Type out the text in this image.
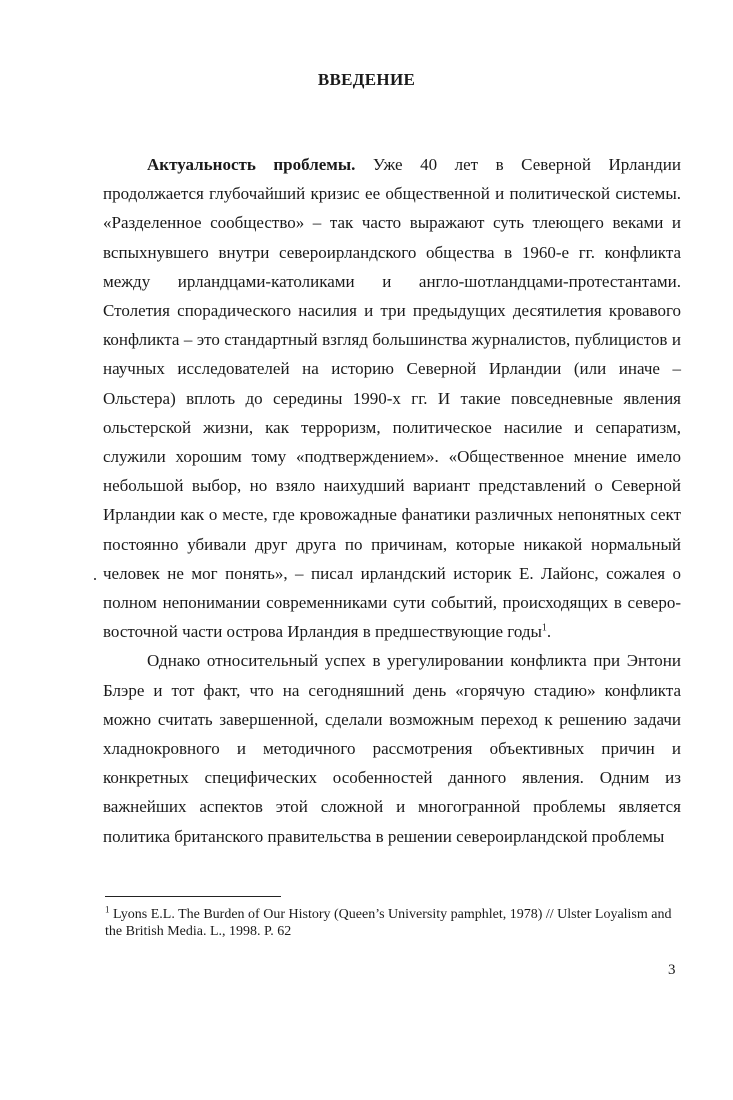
ВВЕДЕНИЕ

Актуальность проблемы. Уже 40 лет в Северной Ирландии продолжается глубочайший кризис ее общественной и политической системы. «Разделенное сообщество» – так часто выражают суть тлеющего веками и вспыхнувшего внутри североирландского общества в 1960-е гг. конфликта между ирландцами-католиками и англо-шотландцами-протестантами. Столетия спорадического насилия и три предыдущих десятилетия кровавого конфликта – это стандартный взгляд большинства журналистов, публицистов и научных исследователей на историю Северной Ирландии (или иначе – Ольстера) вплоть до середины 1990-х гг. И такие повседневные явления ольстерской жизни, как терроризм, политическое насилие и сепаратизм, служили хорошим тому «подтверждением». «Общественное мнение имело небольшой выбор, но взяло наихудший вариант представлений о Северной Ирландии как о месте, где кровожадные фанатики различных непонятных сект постоянно убивали друг друга по причинам, которые никакой нормальный человек не мог понять», – писал ирландский историк Е. Лайонс, сожалея о полном непонимании современниками сути событий, происходящих в северо-восточной части острова Ирландия в предшествующие годы$^1$.

Однако относительный успех в урегулировании конфликта при Энтони Блэре и тот факт, что на сегодняшний день «горячую стадию» конфликта можно считать завершенной, сделали возможным переход к решению задачи хладнокровного и методичного рассмотрения объективных причин и конкретных специфических особенностей данного явления. Одним из важнейших аспектов этой сложной и многогранной проблемы является политика британского правительства в решении североирландской проблемы

$^1$ Lyons E.L. The Burden of Our History (Queen’s University pamphlet, 1978) // Ulster Loyalism and the British Media. L., 1998. P. 62
3
